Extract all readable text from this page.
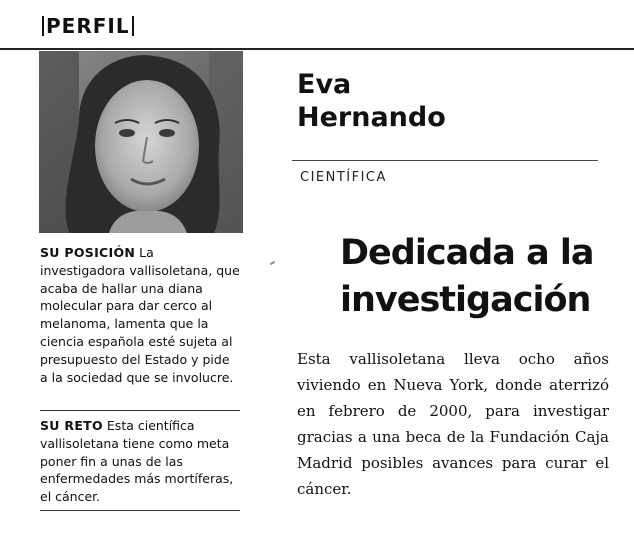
PERFIL
Eva
Hernando
CIENTÍFICA
Dedicada a la
investigación
Esta vallisoletana lleva ocho años viviendo en Nueva York, donde aterrizó en febrero de 2000, para investigar gracias a una beca de la Fundación Caja Madrid posibles avances para curar el cáncer.
SU POSICIÓN La investigadora vallisoletana, que acaba de hallar una diana molecular para dar cerco al melanoma, lamenta que la ciencia española esté sujeta al presupuesto del Estado y pide a la sociedad que se involucre.
SU RETO Esta científica vallisoletana tiene como meta poner fin a unas de las enfermedades más mortíferas, el cáncer.
